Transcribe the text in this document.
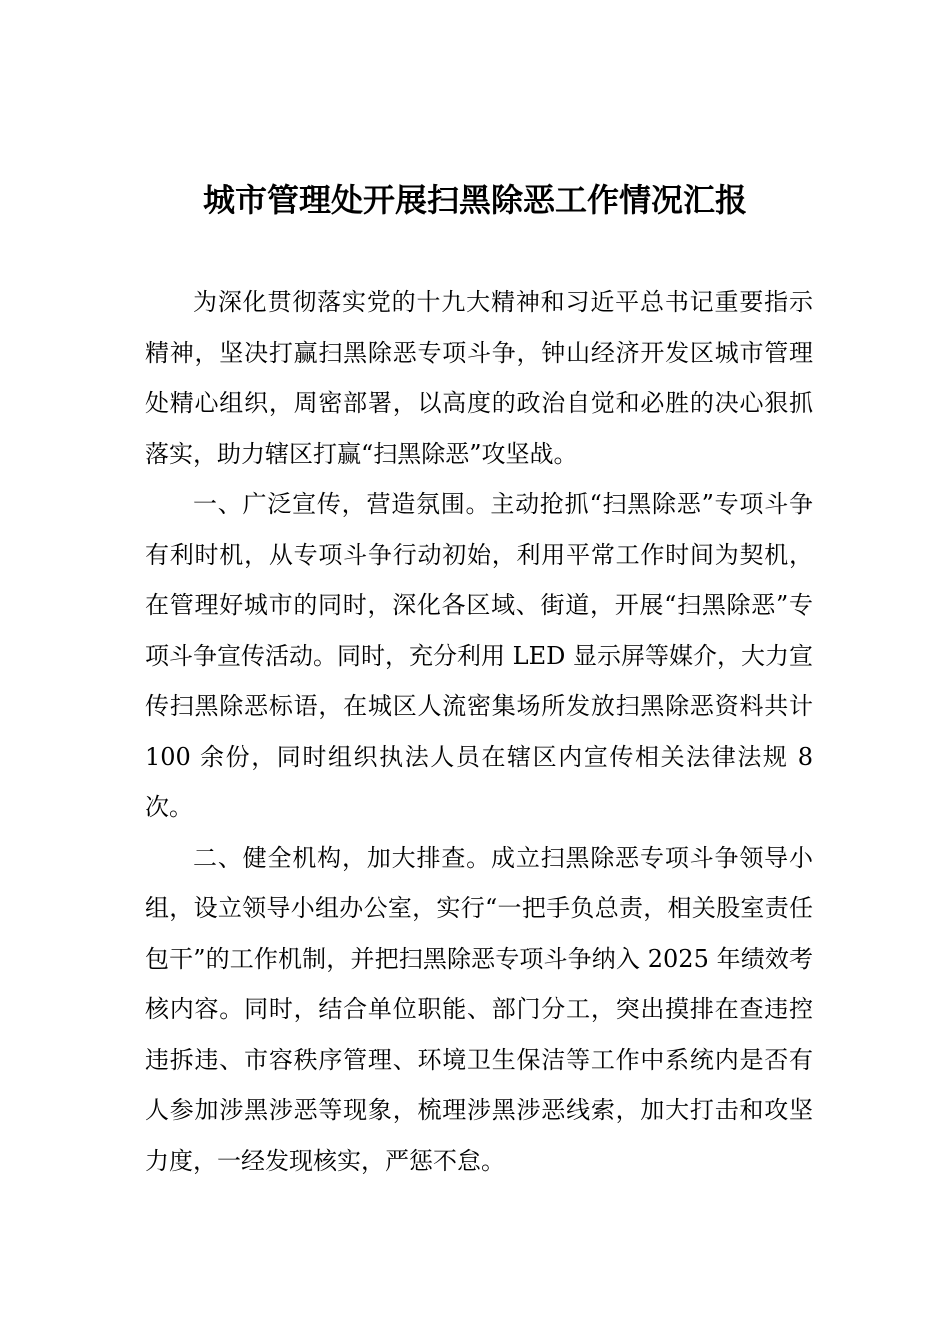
城市管理处开展扫黑除恶工作情况汇报

为深化贯彻落实党的十九大精神和习近平总书记重要指示精神，坚决打赢扫黑除恶专项斗争，钟山经济开发区城市管理处精心组织，周密部署，以高度的政治自觉和必胜的决心狠抓落实，助力辖区打赢“扫黑除恶”攻坚战。

一、广泛宣传，营造氛围。主动抢抓“扫黑除恶”专项斗争有利时机，从专项斗争行动初始，利用平常工作时间为契机，在管理好城市的同时，深化各区域、街道，开展“扫黑除恶”专项斗争宣传活动。同时，充分利用 LED 显示屏等媒介，大力宣传扫黑除恶标语，在城区人流密集场所发放扫黑除恶资料共计 100 余份，同时组织执法人员在辖区内宣传相关法律法规 8 次。

二、健全机构，加大排查。成立扫黑除恶专项斗争领导小组，设立领导小组办公室，实行“一把手负总责，相关股室责任包干”的工作机制，并把扫黑除恶专项斗争纳入 2025 年绩效考核内容。同时，结合单位职能、部门分工，突出摸排在查违控违拆违、市容秩序管理、环境卫生保洁等工作中系统内是否有人参加涉黑涉恶等现象，梳理涉黑涉恶线索，加大打击和攻坚力度，一经发现核实，严惩不怠。
